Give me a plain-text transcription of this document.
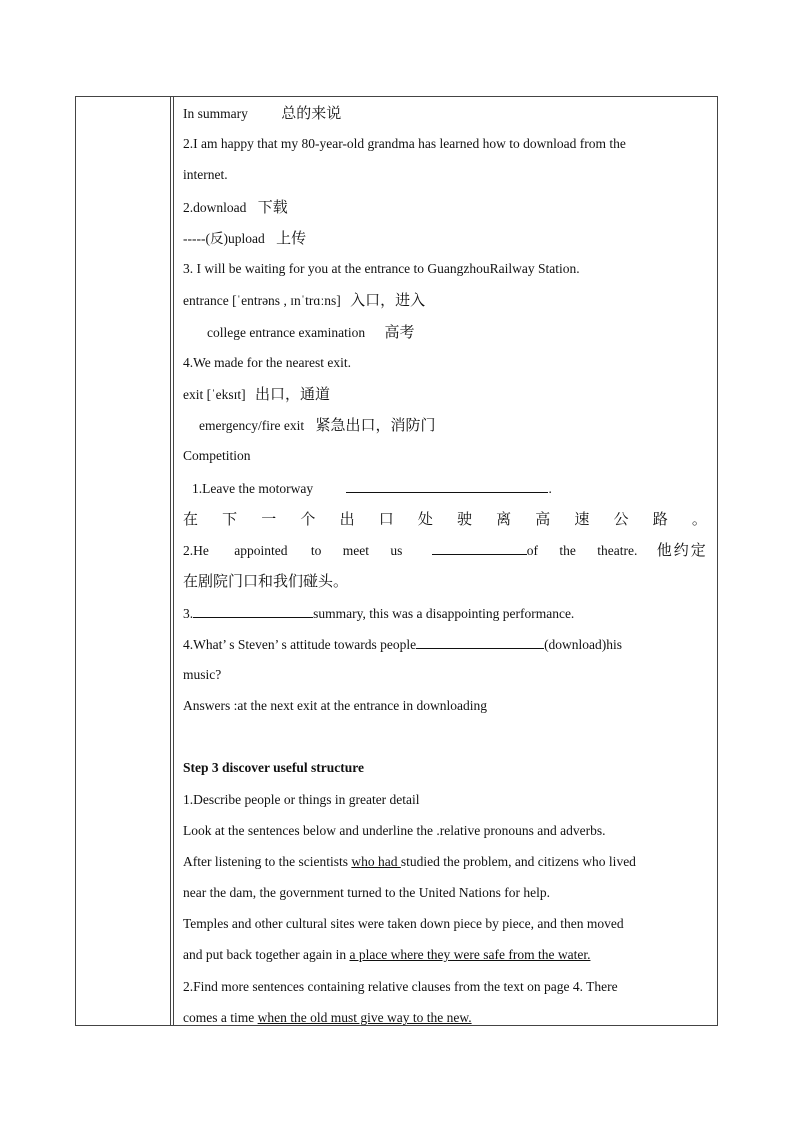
In summary 总的来说
2.I am happy that my 80-year-old grandma has learned how to download from the
internet.
2.download 下载
-----(反)upload 上传
3. I will be waiting for you at the entrance to GuangzhouRailway Station.
entrance [ˈentrəns , ɪnˈtrɑːns] 入口，进入
college entrance examination 高考
4.We made for the nearest exit.
exit [ˈeksɪt] 出口，通道
emergency/fire exit 紧急出口，消防门
Competition
1.Leave the motorway	.
在 下 一 个 出 口 处 驶 离 高 速 公 路 。
2.He appointed to meet us	of the theatre. 他约定
在剧院门口和我们碰头。
3.	summary, this was a disappointing performance.
4.What’ s Steven’ s attitude towards people	(download)his
music?
Answers :at the next exit at the entrance in downloading
Step 3 discover useful structure
1.Describe people or things in greater detail
Look at the sentences below and underline the .relative pronouns and adverbs.
After listening to the scientists who had studied the problem, and citizens who lived
near the dam, the government turned to the United Nations for help.
Temples and other cultural sites were taken down piece by piece, and then moved
and put back together again in a place where they were safe from the water.
2.Find more sentences containing relative clauses from the text on page 4. There
comes a time when the old must give way to the new.
